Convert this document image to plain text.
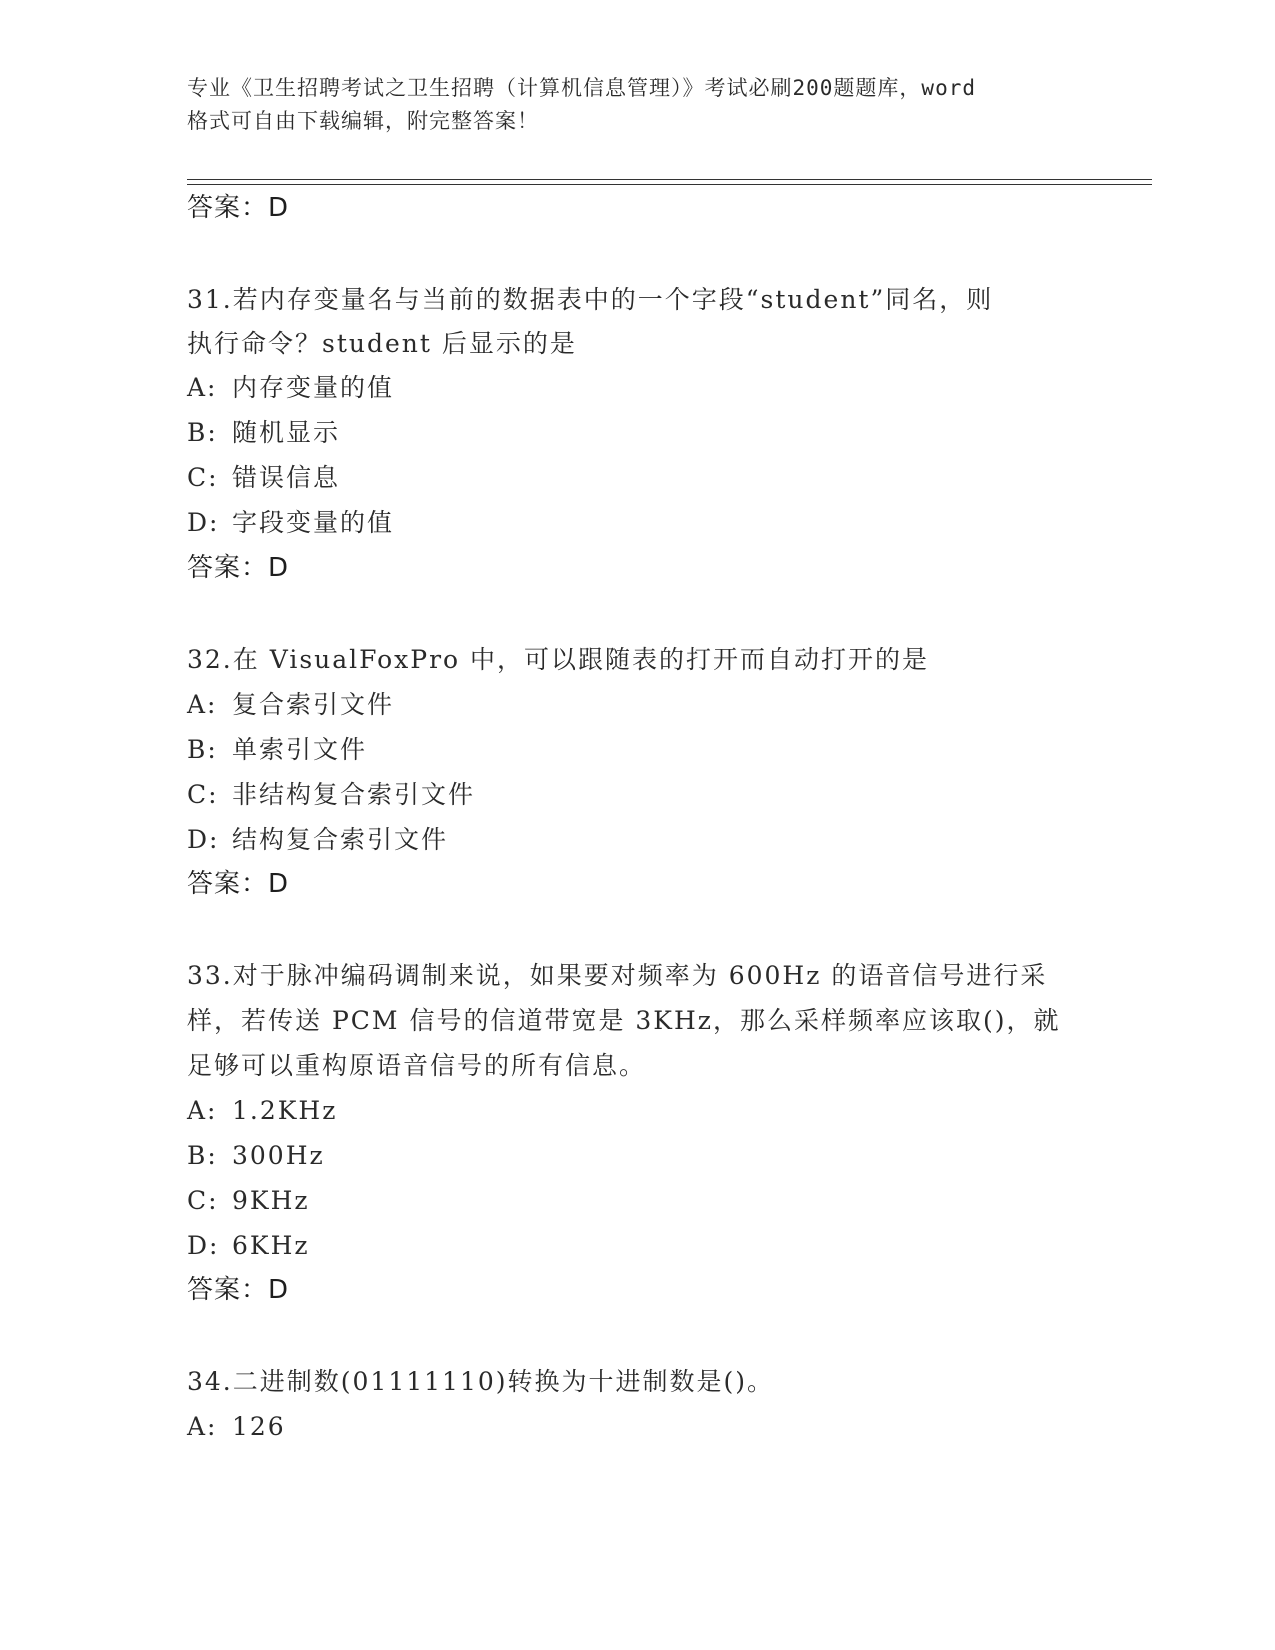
专业《卫生招聘考试之卫生招聘（计算机信息管理）》考试必刷200题题库，word
格式可自由下载编辑，附完整答案！
答案：D
31.若内存变量名与当前的数据表中的一个字段“student”同名，则
执行命令？student 后显示的是
A: 内存变量的值
B: 随机显示
C: 错误信息
D: 字段变量的值
答案：D
32.在 VisualFoxPro 中，可以跟随表的打开而自动打开的是
A: 复合索引文件
B: 单索引文件
C: 非结构复合索引文件
D: 结构复合索引文件
答案：D
33.对于脉冲编码调制来说，如果要对频率为 600Hz 的语音信号进行采
样，若传送 PCM 信号的信道带宽是 3KHz，那么采样频率应该取()，就
足够可以重构原语音信号的所有信息。
A: 1.2KHz
B: 300Hz
C: 9KHz
D: 6KHz
答案：D
34.二进制数(01111110)转换为十进制数是()。
A: 126
